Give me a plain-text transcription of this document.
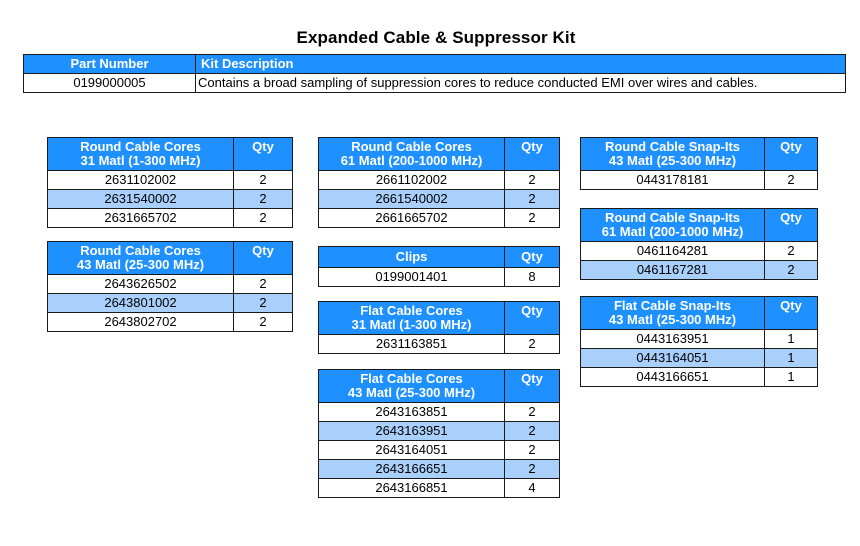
Expanded Cable & Suppressor Kit
Part Number	Kit Description
0199000005	Contains a broad sampling of suppression cores to reduce conducted EMI over wires and cables.
Round Cable Cores
31 Matl (1-300 MHz)	Qty
2631102002	2
2631540002	2
2631665702	2
Round Cable Cores
43 Matl (25-300 MHz)	Qty
2643626502	2
2643801002	2
2643802702	2
Round Cable Cores
61 Matl (200-1000 MHz)	Qty
2661102002	2
2661540002	2
2661665702	2
Clips	Qty
0199001401	8
Flat Cable Cores
31 Matl (1-300 MHz)	Qty
2631163851	2
Flat Cable Cores
43 Matl (25-300 MHz)	Qty
2643163851	2
2643163951	2
2643164051	2
2643166651	2
2643166851	4
Round Cable Snap-Its
43 Matl (25-300 MHz)	Qty
0443178181	2
Round Cable Snap-Its
61 Matl (200-1000 MHz)	Qty
0461164281	2
0461167281	2
Flat Cable Snap-Its
43 Matl (25-300 MHz)	Qty
0443163951	1
0443164051	1
0443166651	1
